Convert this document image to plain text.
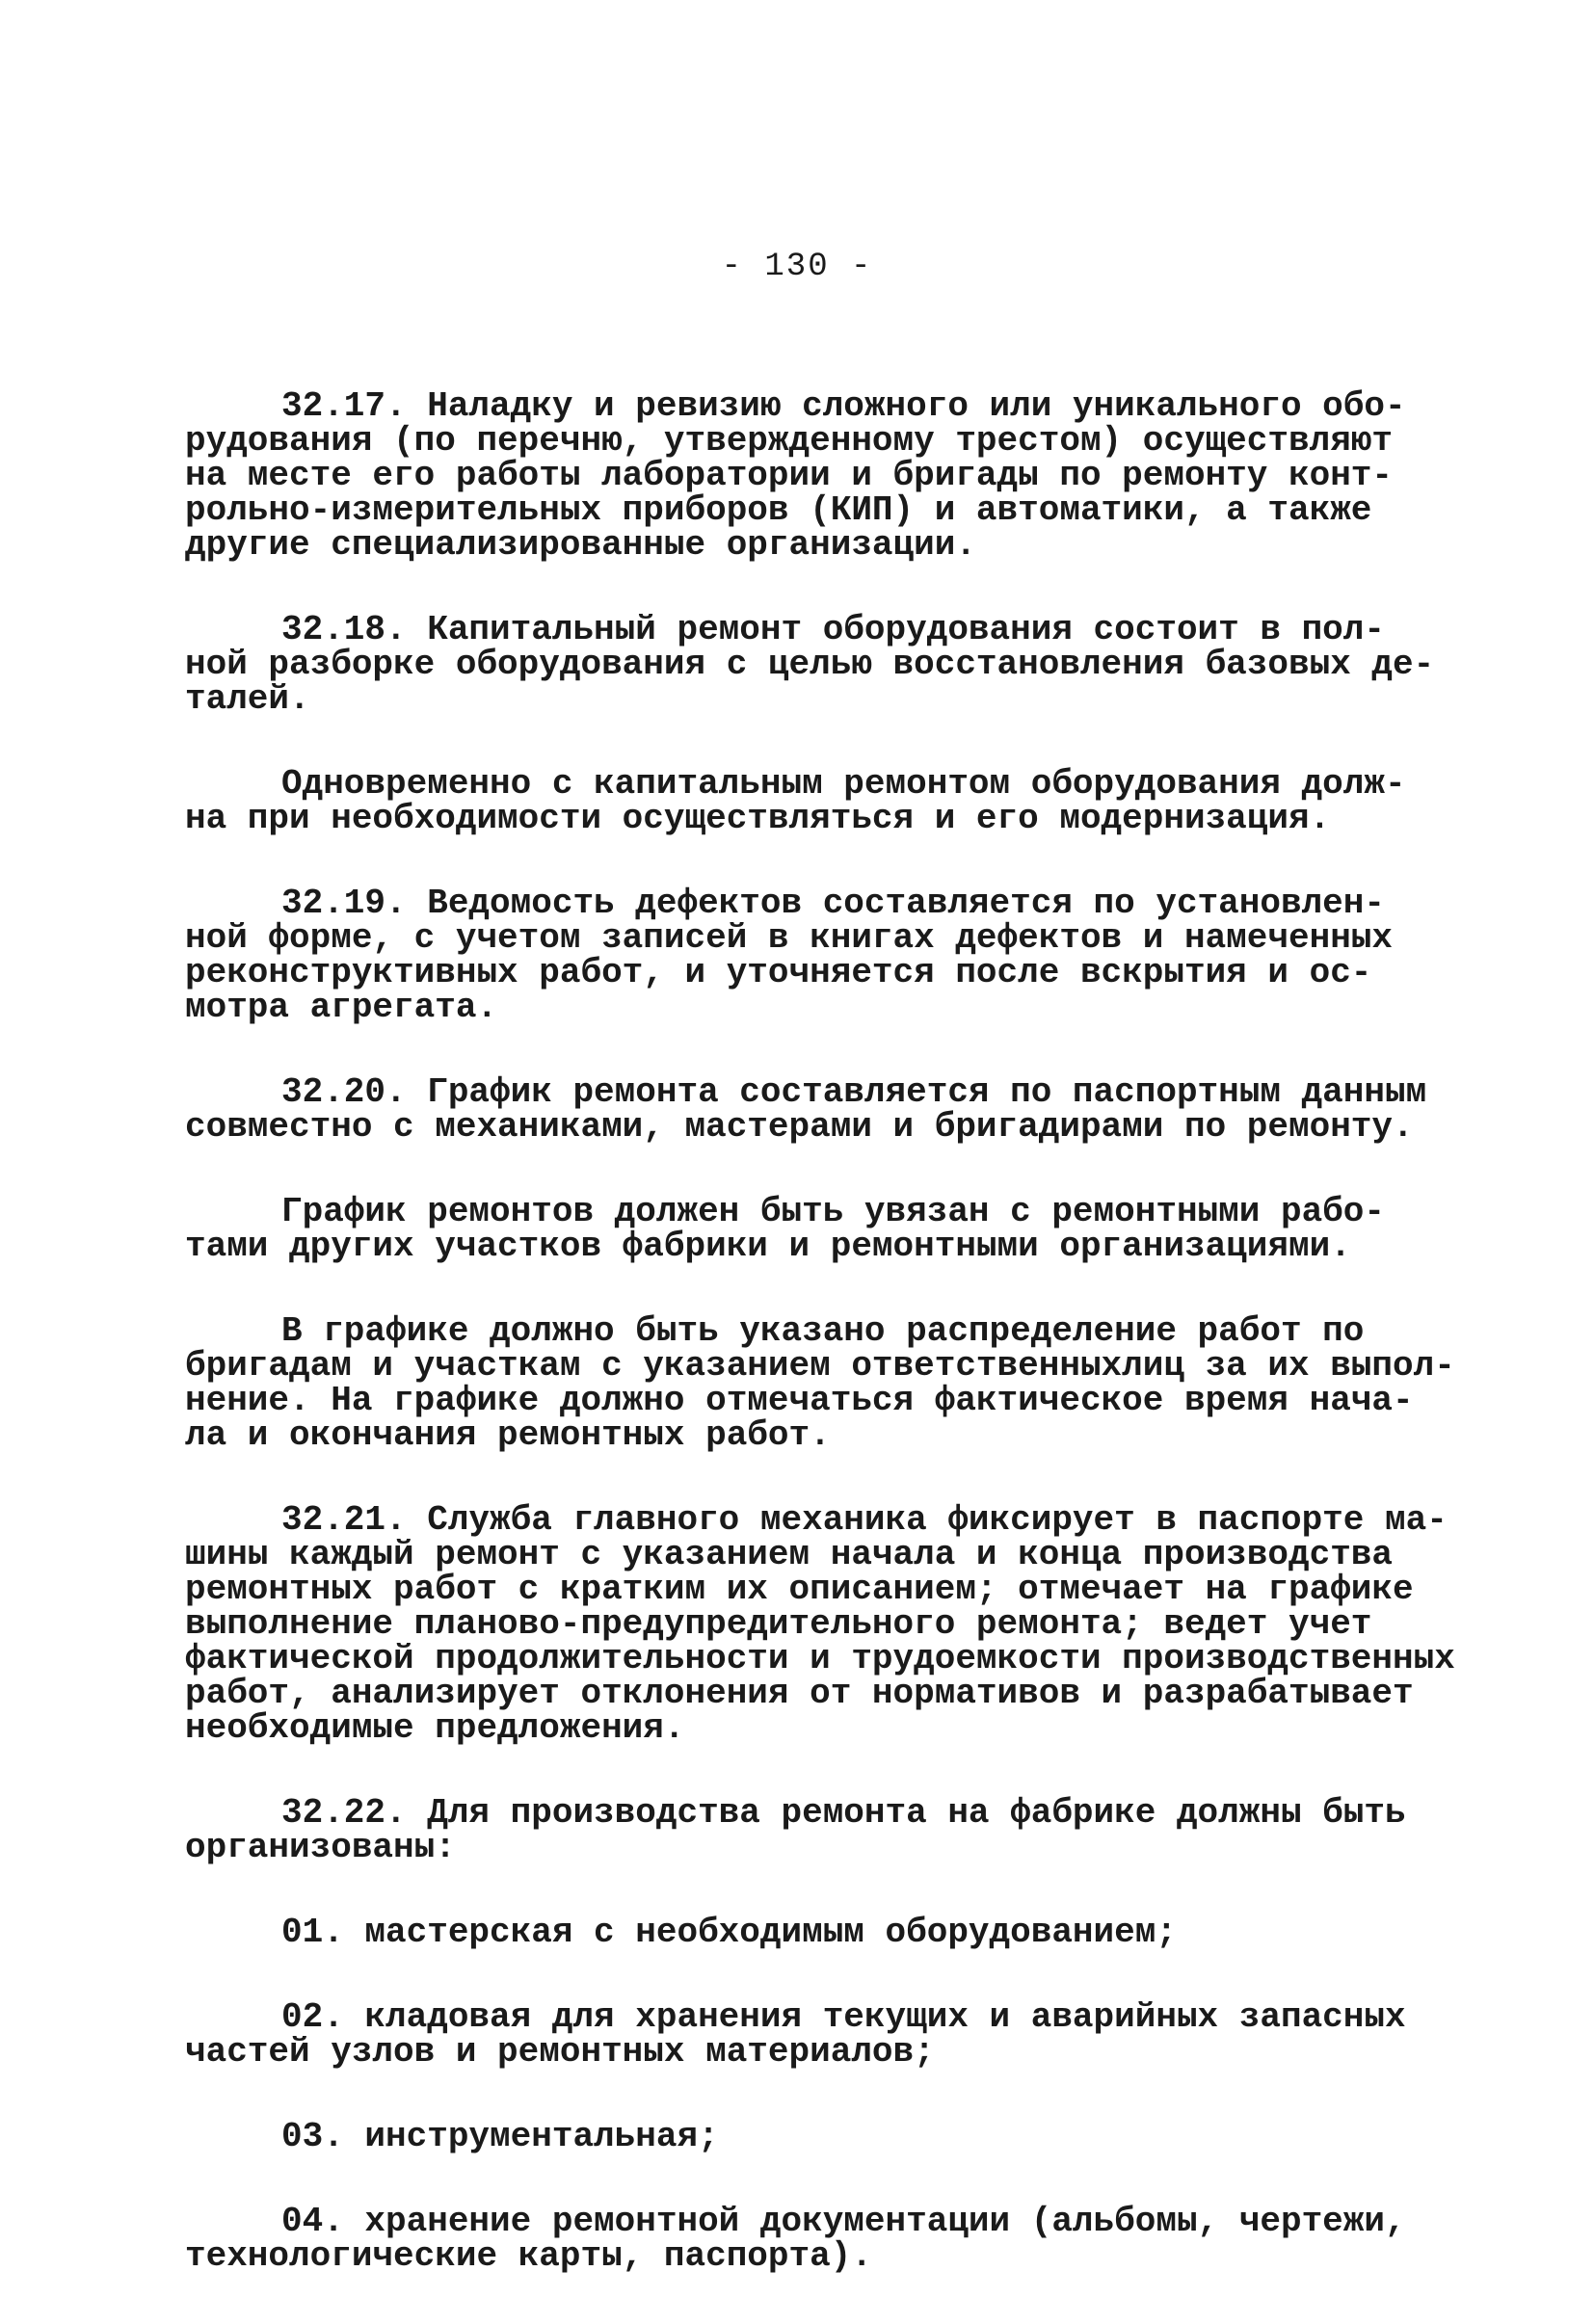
- 130 -
32.17. Наладку и ревизию сложного или уникального обо-
рудования (по перечню, утвержденному трестом) осуществляют
на месте его работы лаборатории и бригады по ремонту конт-
рольно-измерительных приборов (КИП) и автоматики, а также
другие специализированные организации.
32.18. Капитальный ремонт оборудования состоит в пол-
ной разборке оборудования с целью восстановления базовых де-
талей.
Одновременно с капитальным ремонтом оборудования долж-
на при необходимости осуществляться и его модернизация.
32.19. Ведомость дефектов составляется по установлен-
ной форме, с учетом записей в книгах дефектов и намеченных
реконструктивных работ, и уточняется после вскрытия и ос-
мотра агрегата.
32.20. График ремонта составляется по паспортным данным
совместно с механиками, мастерами и бригадирами по ремонту.
График ремонтов должен быть увязан с ремонтными рабо-
тами других участков фабрики и ремонтными организациями.
В графике должно быть указано распределение работ по
бригадам и участкам с указанием ответственныхлиц за их выпол-
нение. На графике должно отмечаться фактическое время нача-
ла и окончания ремонтных работ.
32.21. Служба главного механика фиксирует в паспорте ма-
шины каждый ремонт с указанием начала и конца производства
ремонтных работ с кратким их описанием; отмечает на графике
выполнение планово-предупредительного ремонта; ведет учет
фактической продолжительности и трудоемкости производственных
работ, анализирует отклонения от нормативов и разрабатывает
необходимые предложения.
32.22. Для производства ремонта на фабрике должны быть
организованы:
01. мастерская с необходимым оборудованием;
02. кладовая для хранения текущих и аварийных запасных
частей узлов и ремонтных материалов;
03. инструментальная;
04. хранение ремонтной документации (альбомы, чертежи,
технологические карты, паспорта).
